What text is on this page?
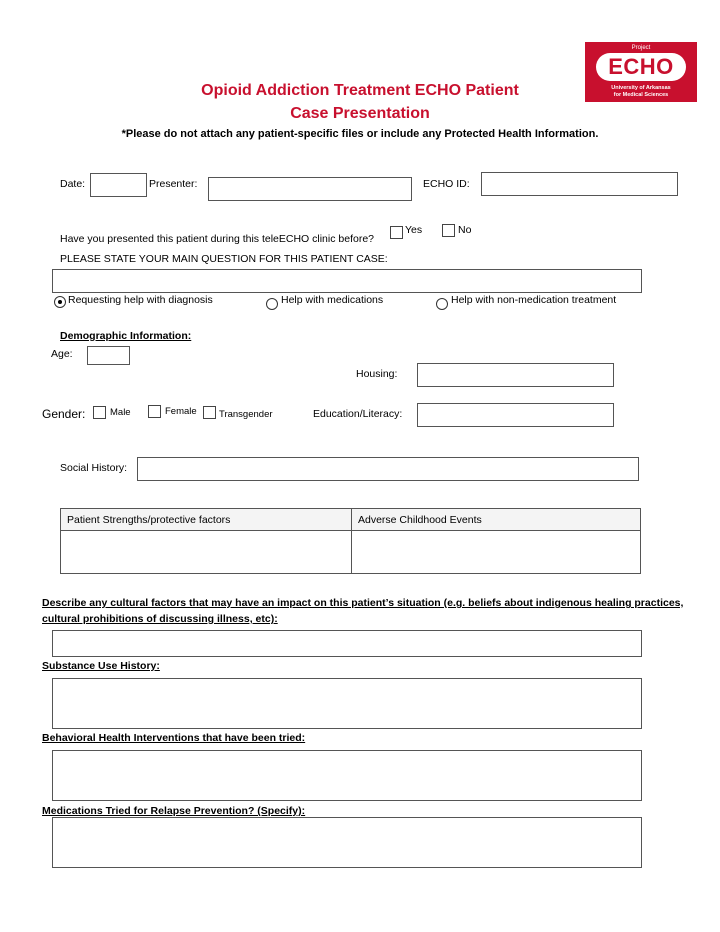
Project
ECHO
University of Arkansas
for Medical Sciences
Opioid Addiction Treatment ECHO Patient
Case Presentation
*Please do not attach any patient-specific files or include any Protected Health Information.
Date:	Presenter:	ECHO ID:
Yes	No
Have you presented this patient during this teleECHO clinic before?
PLEASE STATE YOUR MAIN QUESTION FOR THIS PATIENT CASE:
Requesting help with diagnosis	Help with medications	Help with non-medication treatment
Demographic Information:
Age:
Housing:
Gender:	Male	Female Transgender	Education/Literacy:
Social History:
Patient Strengths/protective factors	Adverse Childhood Events

Describe any cultural factors that may have an impact on this patient’s situation (e.g. beliefs about indigenous healing practices,
cultural prohibitions of discussing illness, etc):
Substance Use History:
Behavioral Health Interventions that have been tried:
Medications Tried for Relapse Prevention? (Specify):
